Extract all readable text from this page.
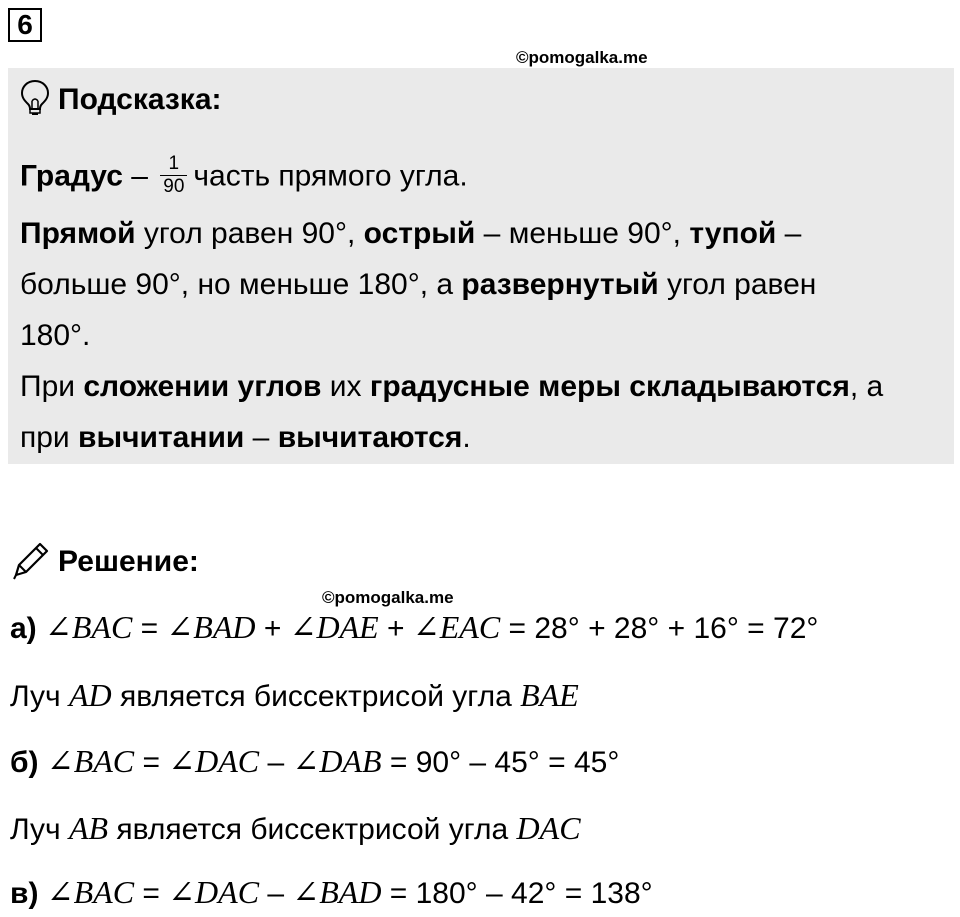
6
©pomogalka.me
Подсказка:
Градус – $\frac{1}{90}$ часть прямого угла.
Прямой угол равен 90°, острый – меньше 90°, тупой –
больше 90°, но меньше 180°, а развернутый угол равен
180°.
При сложении углов их градусные меры складываются, а
при вычитании – вычитаются.
Решение:
©pomogalka.me
а) ∠BAC = ∠BAD + ∠DAE + ∠EAC = 28° + 28° + 16° = 72°
Луч AD является биссектрисой угла BAE
б) ∠BAC = ∠DAC – ∠DAB = 90° – 45° = 45°
Луч AB является биссектрисой угла DAC
в) ∠BAC = ∠DAC – ∠BAD = 180° – 42° = 138°
